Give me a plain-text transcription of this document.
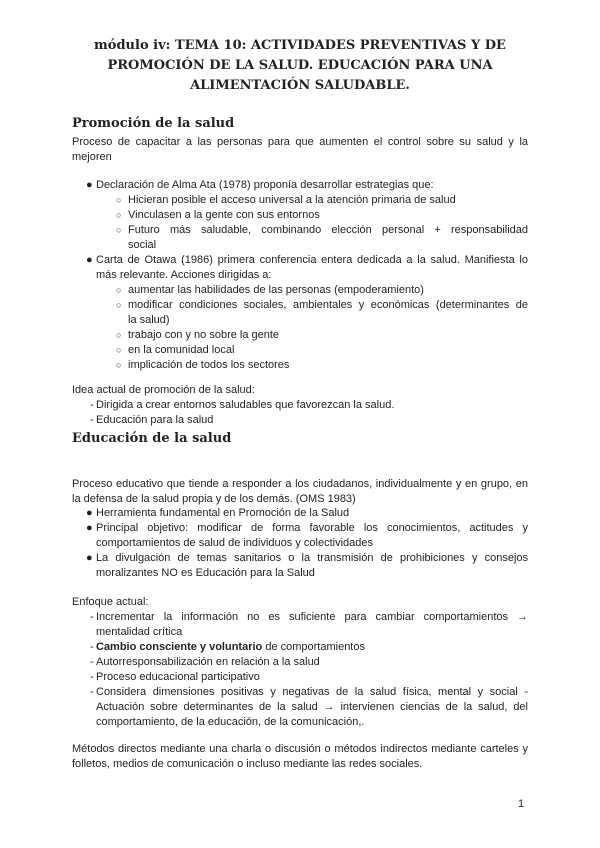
módulo iv: TEMA 10: ACTIVIDADES PREVENTIVAS Y DE
PROMOCIÓN DE LA SALUD. EDUCACIÓN PARA UNA
ALIMENTACIÓN SALUDABLE.
Promoción de la salud
Proceso de capacitar a las personas para que aumenten el control sobre su salud y la
mejoren
● Declaración de Alma Ata (1978) proponía desarrollar estrategias que:
○ Hicieran posible el acceso universal a la atención primaria de salud
○ Vinculasen a la gente con sus entornos
○ Futuro más saludable, combinando elección personal + responsabilidad
social
● Carta de Otawa (1986) primera conferencia entera dedicada a la salud. Manifiesta lo
más relevante. Acciones dirigidas a:
○ aumentar las habilidades de las personas (empoderamiento)
○ modificar condiciones sociales, ambientales y económicas (determinantes de
la salud)
○ trabajo con y no sobre la gente
○ en la comunidad local
○ implicación de todos los sectores
Idea actual de promoción de la salud:
- Dirigida a crear entornos saludables que favorezcan la salud.
- Educación para la salud
Educación de la salud
Proceso educativo que tiende a responder a los ciudadanos, individualmente y en grupo, en
la defensa de la salud propia y de los demás. (OMS 1983)
● Herramienta fundamental en Promoción de la Salud
● Principal objetivo: modificar de forma favorable los conocimientos, actitudes y
comportamientos de salud de individuos y colectividades
● La divulgación de temas sanitarios o la transmisión de prohibiciones y consejos
moralizantes NO es Educación para la Salud
Enfoque actual:
- Incrementar la información no es suficiente para cambiar comportamientos →
mentalidad crítica
- Cambio consciente y voluntario de comportamientos
- Autorresponsabilización en relación a la salud
- Proceso educacional participativo
- Considera dimensiones positivas y negativas de la salud física, mental y social -
Actuación sobre determinantes de la salud → intervienen ciencias de la salud, del
comportamiento, de la educación, de la comunicación,.
Métodos directos mediante una charla o discusión o métodos indirectos mediante carteles y
folletos, medios de comunicación o incluso mediante las redes sociales.
1
